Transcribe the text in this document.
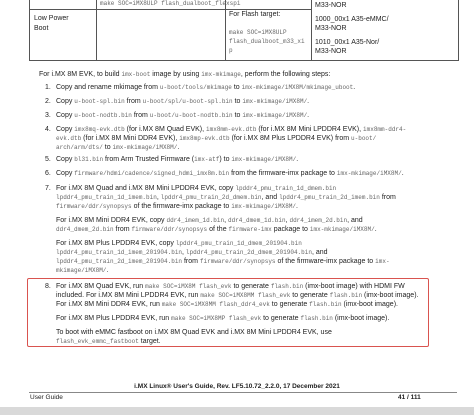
make SOC=iMX8ULP flash_dualboot_flexspi
Low Power
Boot
For Flash target:
make SOC=iMX8ULP
flash_dualboot_m33_xi
p
M33-NOR
1000_00x1 A35-eMMC/
M33-NOR
1010_00x1 A35-Nor/
M33-NOR
For i.MX 8M EVK, to build imx-boot image by using imx-mkimage, perform the following steps:
1. Copy and rename mkimage from u-boot/tools/mkimage to imx-mkimage/iMX8M/mkimage_uboot.
2. Copy u-boot-spl.bin from u-boot/spl/u-boot-spl.bin to imx-mkimage/iMX8M/.
3. Copy u-boot-nodtb.bin from u-boot/u-boot-nodtb.bin to imx-mkimage/iMX8M/.
4. Copy imx8mq-evk.dtb (for i.MX 8M Quad EVK), imx8mm-evk.dtb (for i.MX 8M Mini LPDDR4 EVK), imx8mm-ddr4-
evk.dtb (for i.MX 8M Mini DDR4 EVK), imx8mp-evk.dtb (for i.MX 8M Plus LPDDR4 EVK) from u-boot/
arch/arm/dts/ to imx-mkimage/iMX8M/.
5. Copy bl31.bin from Arm Trusted Firmware (imx-atf) to imx-mkimage/iMX8M/.
6. Copy firmware/hdmi/cadence/signed_hdmi_imx8m.bin from the firmware-imx package to imx-mkimage/iMX8M/.
7. For i.MX 8M Quad and i.MX 8M Mini LPDDR4 EVK, copy lpddr4_pmu_train_1d_dmem.bin
lpddr4_pmu_train_1d_imem.bin, lpddr4_pmu_train_2d_dmem.bin, and lpddr4_pmu_train_2d_imem.bin from
firmware/ddr/synopsys of the firmware-imx package to imx-mkimage/iMX8M/.
For i.MX 8M Mini DDR4 EVK, copy ddr4_imem_1d.bin, ddr4_dmem_1d.bin, ddr4_imem_2d.bin, and
ddr4_dmem_2d.bin from firmware/ddr/synopsys of the firmware-imx package to imx-mkimage/iMX8M/.
For i.MX 8M Plus LPDDR4 EVK, copy lpddr4_pmu_train_1d_dmem_201904.bin
lpddr4_pmu_train_1d_imem_201904.bin, lpddr4_pmu_train_2d_dmem_201904.bin, and
lpddr4_pmu_train_2d_imem_201904.bin from firmware/ddr/synopsys of the firmware-imx package to imx-
mkimage/iMX8M/.
8. For i.MX 8M Quad EVK, run make SOC=iMX8M flash_evk to generate flash.bin (imx-boot image) with HDMI FW
included. For i.MX 8M Mini LPDDR4 EVK, run make SOC=iMX8MM flash_evk to generate flash.bin (imx-boot image).
For i.MX 8M Mini DDR4 EVK, run make SOC=iMX8MM flash_ddr4_evk to generate flash.bin (imx-boot image).
For i.MX 8M Plus LPDDR4 EVK, run make SOC=iMX8MP flash_evk to generate flash.bin (imx-boot image).
To boot with eMMC fastboot on i.MX 8M Quad EVK and i.MX 8M Mini LPDDR4 EVK, use
flash_evk_emmc_fastboot target.
i.MX Linux® User's Guide, Rev. LF5.10.72_2.2.0, 17 December 2021
User Guide	41 / 111
